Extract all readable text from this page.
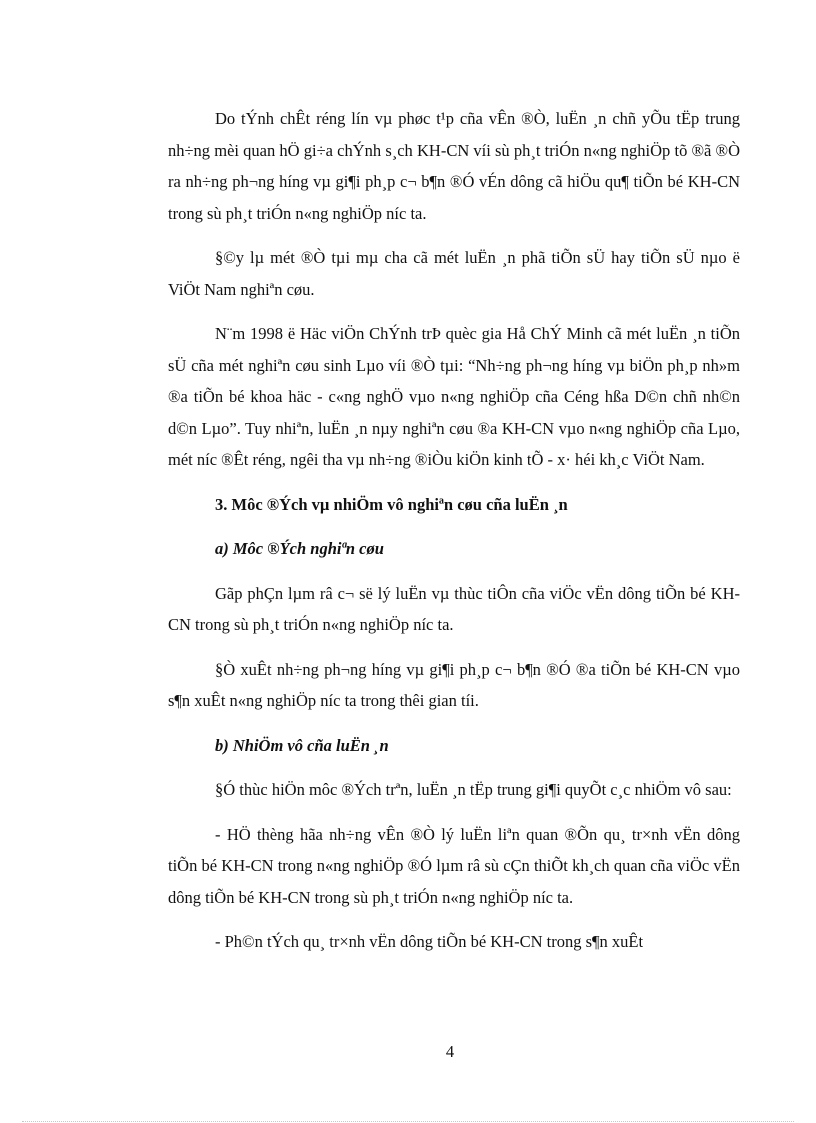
Do tÝnh chÊt réng lín vµ phøc t¹p cña vÊn ®Ò, luËn ¸n chñ yÕu tËp trung nh÷ng mèi quan hÖ gi÷a chÝnh s¸ch KH-CN víi sù ph¸t triÓn n«ng nghiÖp tõ ®ã ®Ò ra nh÷ng ph¬ng híng vµ gi¶i ph¸p c¬ b¶n ®Ó vÉn dông cã hiÖu qu¶ tiÕn bé KH-CN trong sù ph¸t triÓn n«ng nghiÖp níc ta.

§©y lµ mét ®Ò tµi mµ cha cã mét luËn ¸n phã tiÕn sÜ hay tiÕn sÜ nµo ë ViÖt Nam nghiªn cøu.

N¨m 1998 ë Häc viÖn ChÝnh trÞ quèc gia Hå ChÝ Minh cã mét luËn ¸n tiÕn sÜ cña mét nghiªn cøu sinh Lµo víi ®Ò tµi: “Nh÷ng ph¬ng híng vµ biÖn ph¸p nh»m ®a tiÕn bé khoa häc - c«ng nghÖ vµo n«ng nghiÖp cña Céng hßa D©n chñ nh©n d©n Lµo”. Tuy nhiªn, luËn ¸n nµy nghiªn cøu ®a KH-CN vµo n«ng nghiÖp cña Lµo, mét níc ®Êt réng, ngêi tha vµ nh÷ng ®iÒu kiÖn kinh tÕ - x· héi kh¸c ViÖt Nam.

3. Môc ®Ých vµ nhiÖm vô nghiªn cøu cña luËn ¸n

a) Môc ®Ých nghiªn cøu

Gãp phÇn lµm râ c¬ së lý luËn vµ thùc tiÔn cña viÖc vËn dông tiÕn bé KH-CN trong sù ph¸t triÓn n«ng nghiÖp níc ta.

§Ò xuÊt nh÷ng ph¬ng híng vµ gi¶i ph¸p c¬ b¶n ®Ó ®a tiÕn bé KH-CN vµo s¶n xuÊt n«ng nghiÖp níc ta trong thêi gian tíi.

b) NhiÖm vô cña luËn ¸n

§Ó thùc hiÖn môc ®Ých trªn, luËn ¸n tËp trung gi¶i quyÕt c¸c nhiÖm vô sau:

- HÖ thèng hãa nh÷ng vÊn ®Ò lý luËn liªn quan ®Õn qu¸ tr×nh vËn dông tiÕn bé KH-CN trong n«ng nghiÖp ®Ó lµm râ sù cÇn thiÕt kh¸ch quan cña viÖc vËn dông tiÕn bé KH-CN trong sù ph¸t triÓn n«ng nghiÖp níc ta.

- Ph©n tÝch qu¸ tr×nh vËn dông tiÕn bé KH-CN trong s¶n xuÊt

4
